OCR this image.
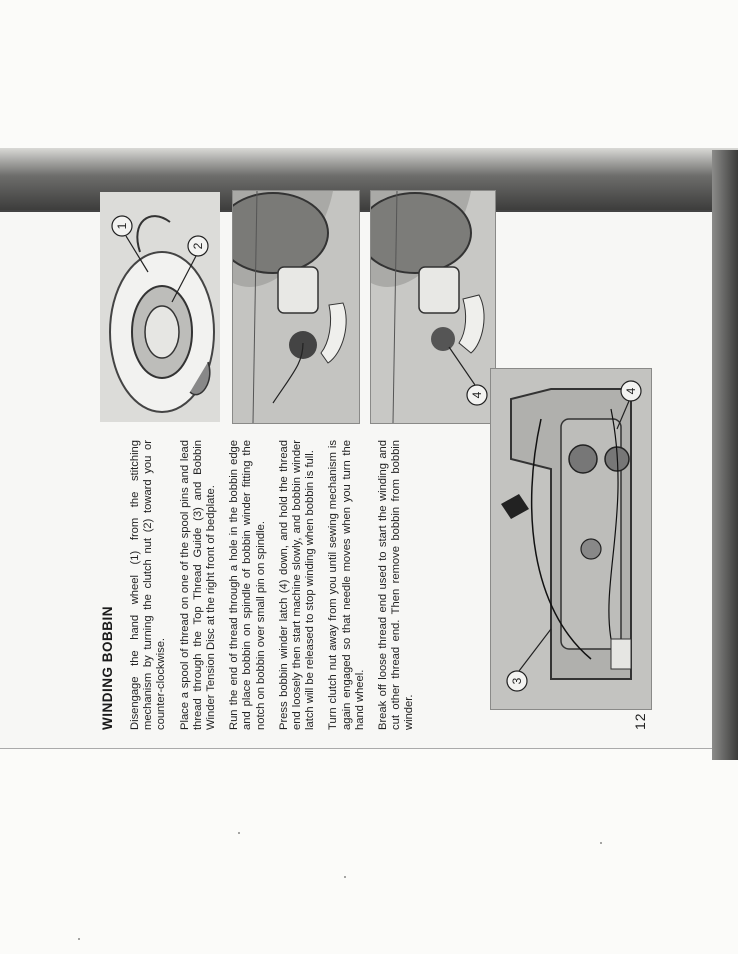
WINDING BOBBIN Disengage the hand wheel (1) from the stitching mechanism by turning the clutch nut (2) toward you or counter-clockwise. Place a spool of thread on one of the spool pins and lead thread through the Top Thread Guide (3) and Bobbin Winder Tension Disc at the right front of bedplate. Run the end of thread through a hole in the bobbin edge and place bobbin on spindle of bobbin winder fitting the notch on bobbin over small pin on spindle. Press bobbin winder latch (4) down, and hold the thread end loosely then start machine slowly, and bobbin winder latch will be released to stop winding when bobbin is full. Turn clutch nut away from you until sewing mechanism is again engaged so that needle moves when you turn the hand wheel. Break off loose thread end used to start the winding and cut other thread end. Then remove bobbin from bobbin winder.	12
1
2
4
3
4
